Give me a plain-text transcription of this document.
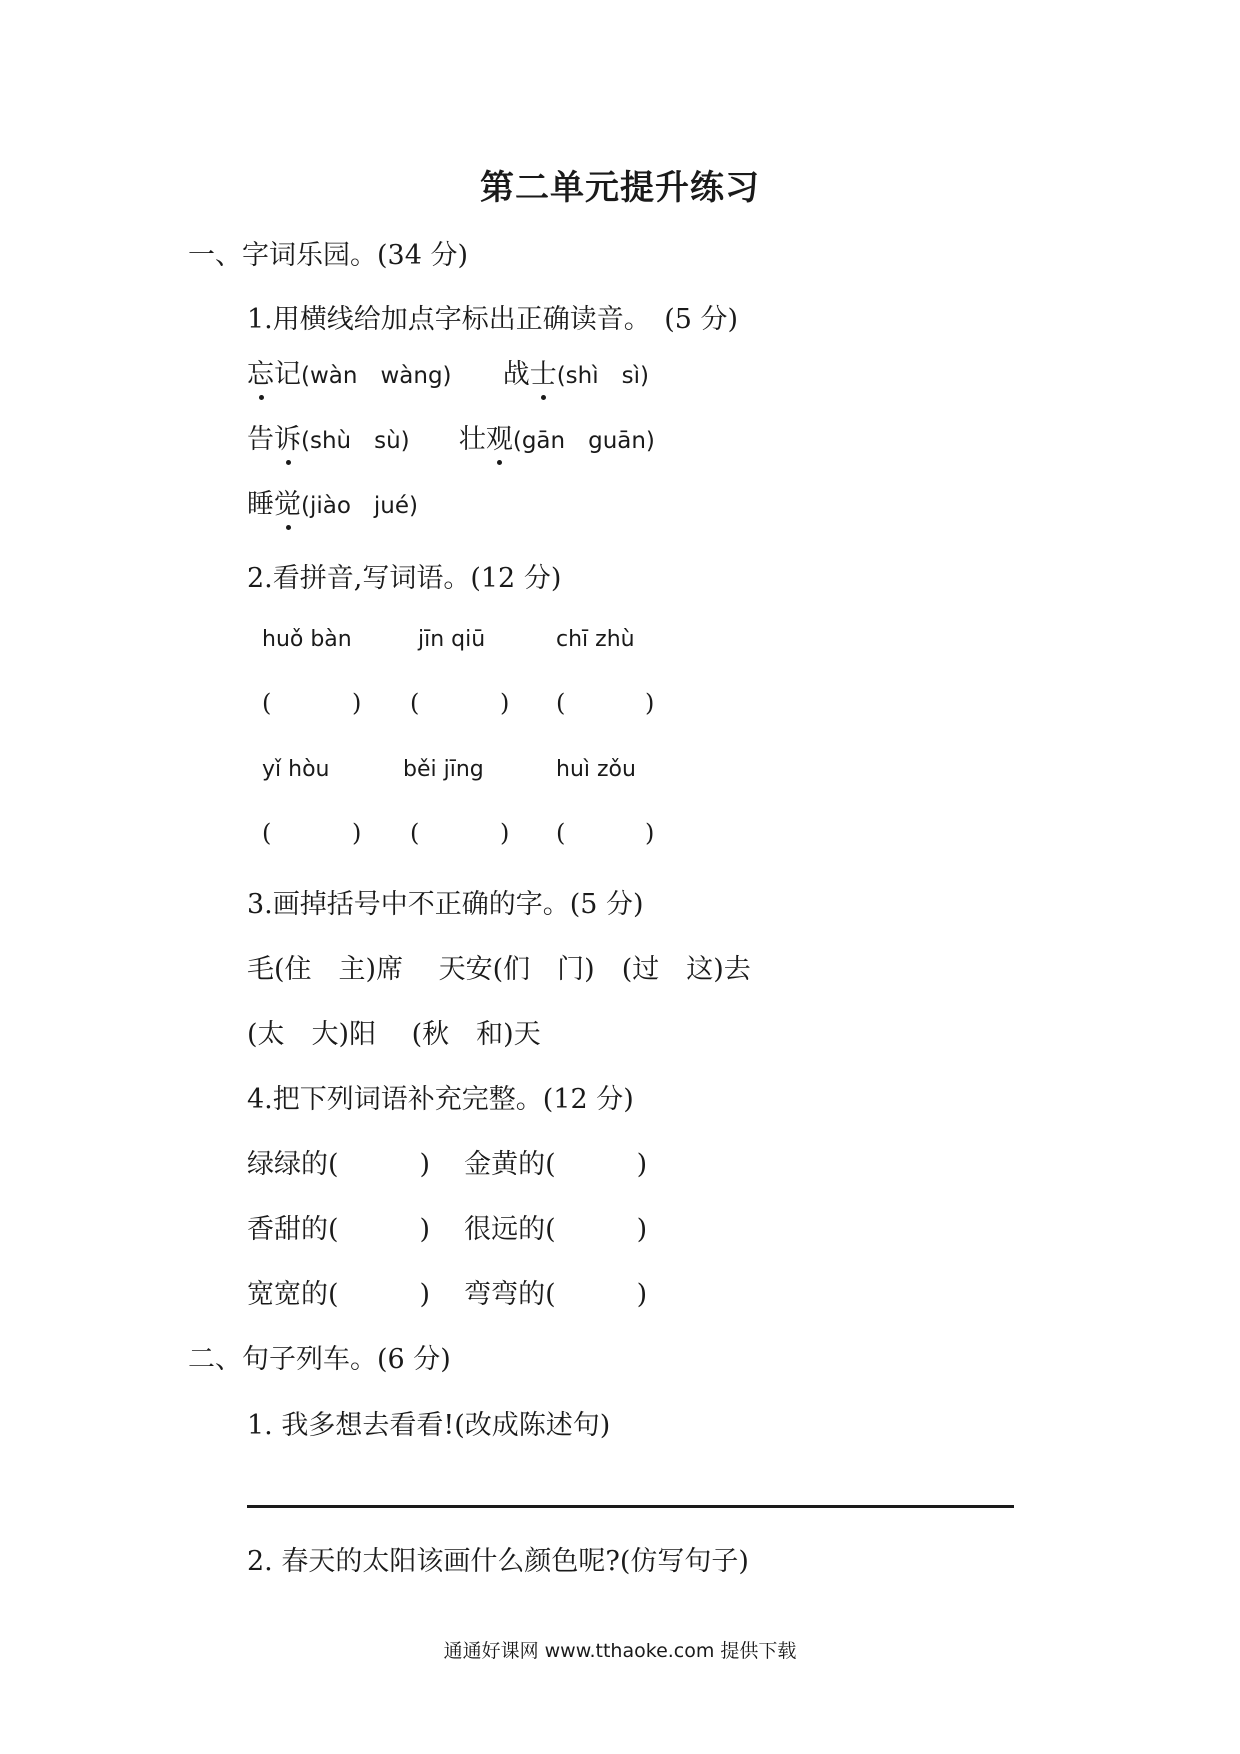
第二单元提升练习
一、字词乐园。(34 分)
1.用横线给加点字标出正确读音。　(5 分)
忘记(wàn　wàng) 战士(shì　sì)
告诉(shù　sù) 壮观(gān　guān)
睡觉(jiào　jué)
2.看拼音,写词语。(12 分)
huǒ bàn	jīn qiū	chī zhù
(	) (	) (	)
yǐ hòu	běi jīng	huì zǒu
(	) (	) (	)
3.画掉括号中不正确的字。(5 分)
毛(住　主)席　 天安(们　门)　(过　这)去
(太　大)阳　 (秋　和)天
4.把下列词语补充完整。(12 分)
绿绿的(　　　) 金黄的(　　　)
香甜的(　　　) 很远的(　　　)
宽宽的(　　　) 弯弯的(　　　)
二、句子列车。(6 分)
1. 我多想去看看!(改成陈述句)
2. 春天的太阳该画什么颜色呢?(仿写句子)
通通好课网 www.tthaoke.com 提供下载
